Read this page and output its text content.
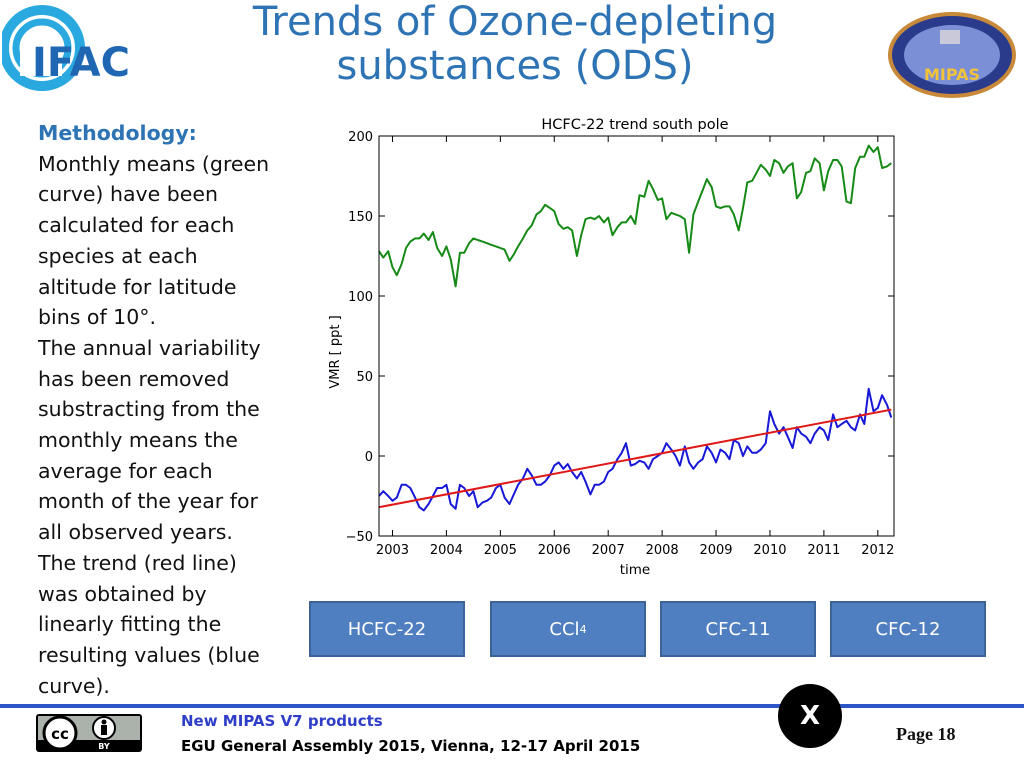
IFAC
Trends of Ozone-depleting
substances (ODS)	MIPAS
Methodology:
Monthly means (green
curve) have been
calculated for each
species at each
altitude for latitude
bins of 10°.
The annual variability
has been removed
substracting from the
monthly means the
average for each
month of the year for
all observed years.
The trend (red line)
was obtained by
linearly fitting the
resulting values (blue
curve).
HCFC-22 trend south pole
VMR [ ppt ]
time
2003 2004 2005 2006 2007 2008 2009 2010 2011 2012
−50
0
50
100
150
200
HCFC-22	CCl 4	CFC-11	CFC-12
cc
BY
New MIPAS V7 products
EGU General Assembly 2015, Vienna, 12-17 April 2015
X
Page 18
